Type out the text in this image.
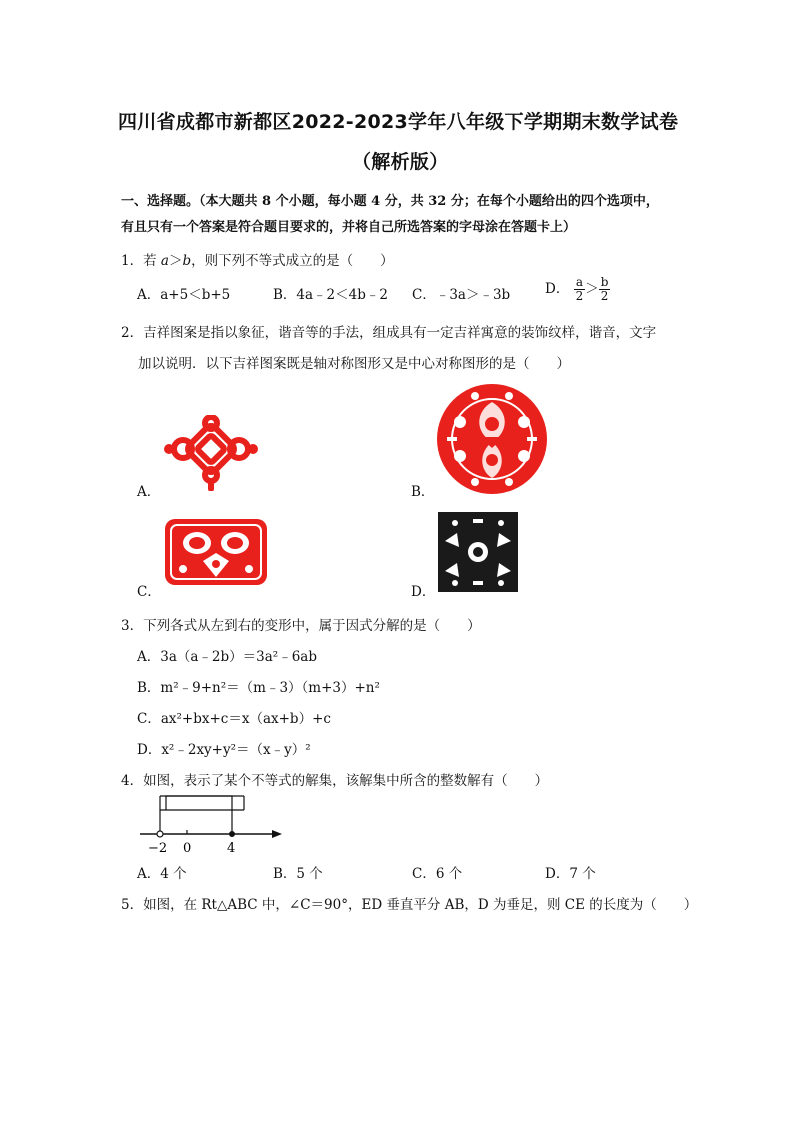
四川省成都市新都区2022-2023学年八年级下学期期末数学试卷
（解析版）
一、选择题。（本大题共 8 个小题，每小题 4 分，共 32 分；在每个小题给出的四个选项中，
有且只有一个答案是符合题目要求的，并将自己所选答案的字母涂在答题卡上）
1．若 a＞b，则下列不等式成立的是（　　）
A．a+5＜b+5	B．4a﹣2＜4b﹣2 C．﹣3a＞﹣3b	D． $\frac{a}{2} > \frac{b}{2}$
2．吉祥图案是指以象征，谐音等的手法，组成具有一定吉祥寓意的装饰纹样，谐音，文字
加以说明．以下吉祥图案既是轴对称图形又是中心对称图形的是（　　）
A．	B．
C．	D．
3．下列各式从左到右的变形中，属于因式分解的是（　　）
A．3a（a﹣2b）＝3a²﹣6ab
B．m²﹣9+n²＝（m﹣3）（m+3）+n²
C．ax²+bx+c＝x（ax+b）+c
D．x²﹣2xy+y²＝（x﹣y）²
4．如图，表示了某个不等式的解集，该解集中所含的整数解有（　　）
−2 0	4
A．4 个	B．5 个	C．6 个	D．7 个
5．如图，在 Rt△ABC 中，∠C＝90°，ED 垂直平分 AB，D 为垂足，则 CE 的长度为（　　）
